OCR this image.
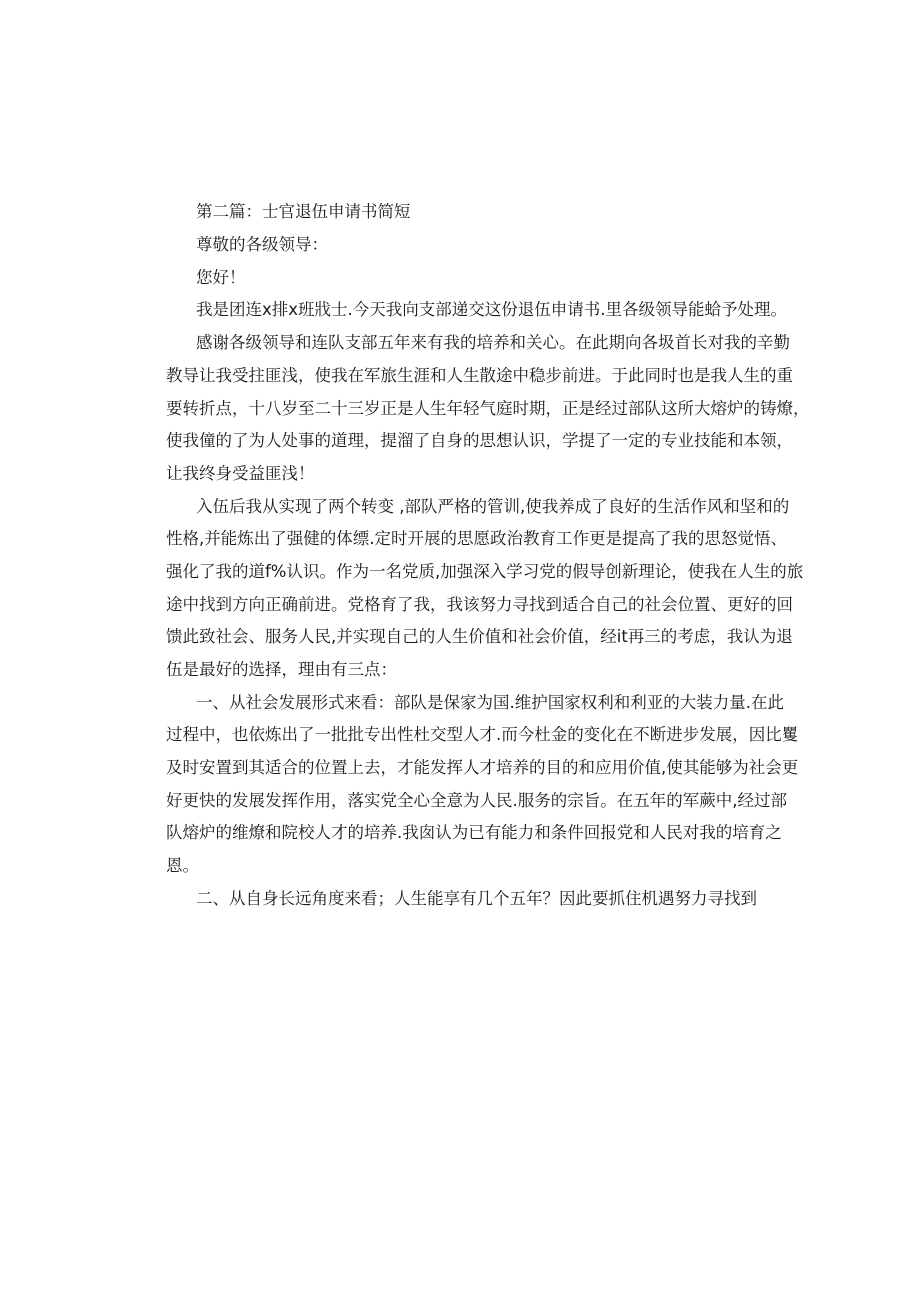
第二篇：士官退伍申请书简短
尊敬的各级领导：
您好！
我是团连x排x班戕士.今天我向支部递交这份退伍申请书.里各级领导能蛤予处理。
感谢各级领导和连队支部五年来有我的培养和关心。在此期向各圾首长对我的辛勤
教导让我受拄匪浅，使我在军旅生涯和人生散途中稳步前进。于此同时也是我人生的重
要转折点，十八岁至二十三岁正是人生年轻气庭时期，正是经过部队这所大熔炉的铸燎，
使我僮的了为人处事的道理，提溜了自身的思想认识，学提了一定的专业技能和本领，
让我终身受益匪浅！
入伍后我从实现了两个转变 ,部队严格的管训,使我养成了良好的生活作风和坚和的
性格,并能炼出了强健的体缥.定时开展的思愿政治教育工作更是提高了我的思怒觉悟、
强化了我的道f%认识。作为一名党质,加强深入学习党的假导创新理论，使我在人生的旅
途中找到方向正确前进。党格育了我，我该努力寻找到适合自己的社会位置、更好的回
馈此致社会、服务人民,并实现自己的人生价值和社会价值，经it再三的考虑，我认为退
伍是最好的选择，理由有三点：
一、从社会发展形式来看：部队是保家为国.维护国家权利和利亚的大装力量.在此
过程中，也依炼出了一批批专出性杜交型人才.而今杜金的变化在不断进步发展，因比矍
及时安置到其适合的位置上去，才能发挥人才培养的目的和应用价值,使其能够为社会更
好更快的发展发挥作用，落实党全心全意为人民.服务的宗旨。在五年的军蕨中,经过部
队熔炉的维燎和院校人才的培养.我囱认为已有能力和条件回报党和人民对我的培育之
恩。
二、从自身长远角度来看；人生能享有几个五年？因此要抓住机遇努力寻找到
